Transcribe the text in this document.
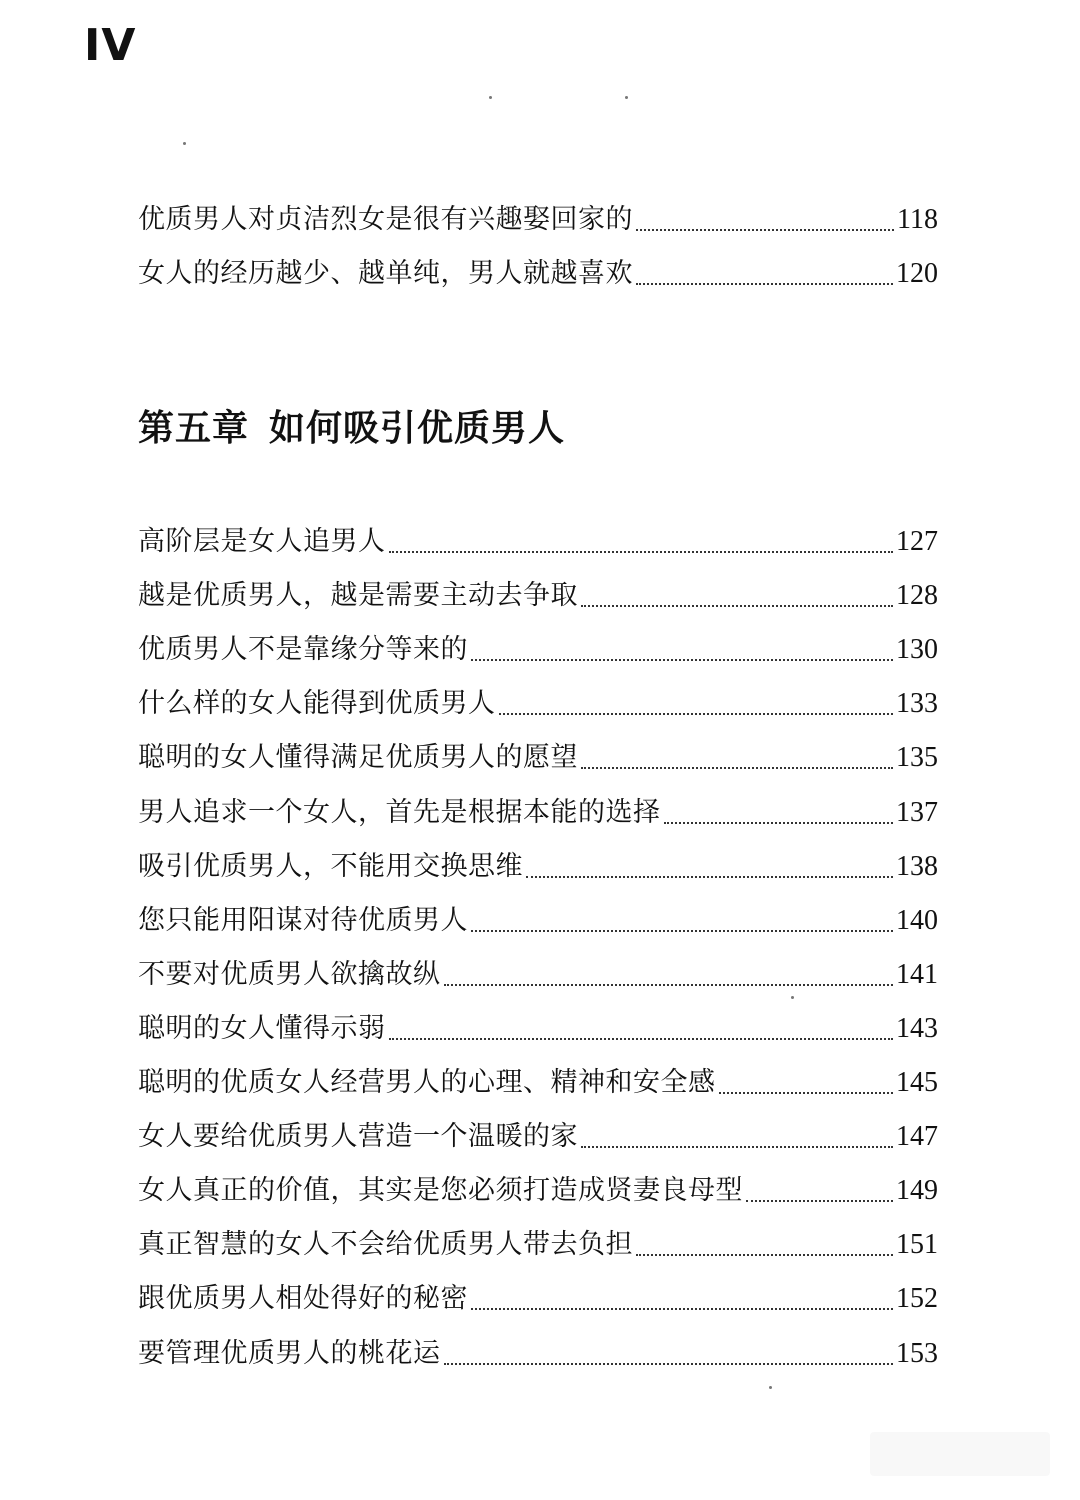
IV
优质男人对贞洁烈女是很有兴趣娶回家的	118
女人的经历越少、越单纯，男人就越喜欢	120
第五章 如何吸引优质男人
高阶层是女人追男人	127
越是优质男人，越是需要主动去争取	128
优质男人不是靠缘分等来的	130
什么样的女人能得到优质男人	133
聪明的女人懂得满足优质男人的愿望	135
男人追求一个女人，首先是根据本能的选择	137
吸引优质男人，不能用交换思维	138
您只能用阳谋对待优质男人	140
不要对优质男人欲擒故纵	141
聪明的女人懂得示弱	143
聪明的优质女人经营男人的心理、精神和安全感	145
女人要给优质男人营造一个温暖的家	147
女人真正的价值，其实是您必须打造成贤妻良母型	149
真正智慧的女人不会给优质男人带去负担	151
跟优质男人相处得好的秘密	152
要管理优质男人的桃花运	153
